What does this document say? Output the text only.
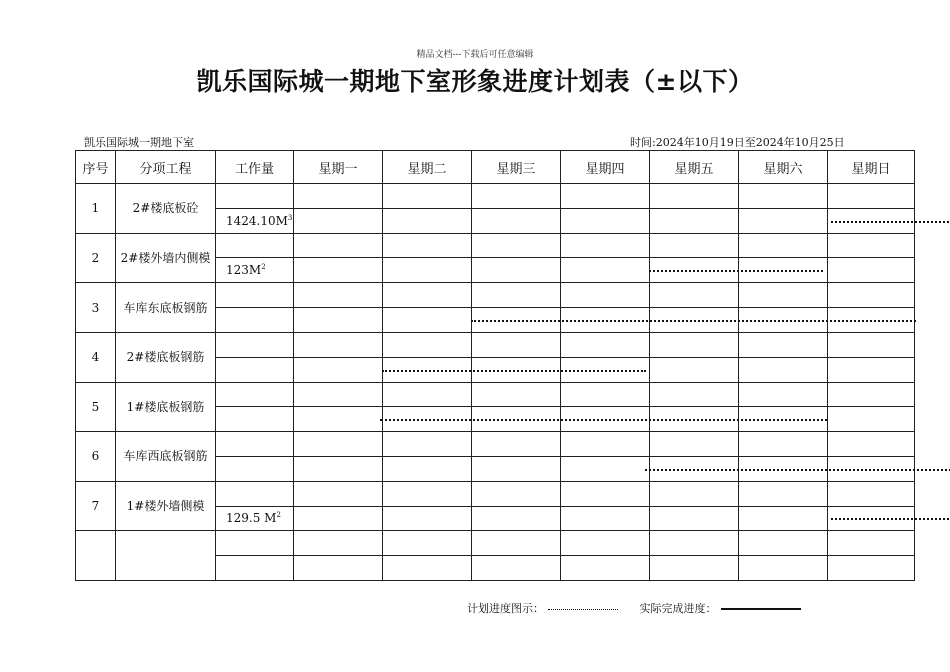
精品文档---下载后可任意编辑
凯乐国际城一期地下室形象进度计划表（±以下）
凯乐国际城一期地下室	时间:2024年10月19日至2024年10月25日
序号	分项工程	工作量	星期一	星期二	星期三	星期四	星期五	星期六	星期日
1	2#楼底板砼								
		$1424.10M^3$	

2	2#楼外墙内侧模								
		$123M^2$	

3	车库东底板钢筋								

4	2#楼底板钢筋								

5	1#楼底板钢筋								

6	车库西底板钢筋								

7	1#楼外墙侧模								
		129.5 $M^2$	

计划进度图示：	实际完成进度：
